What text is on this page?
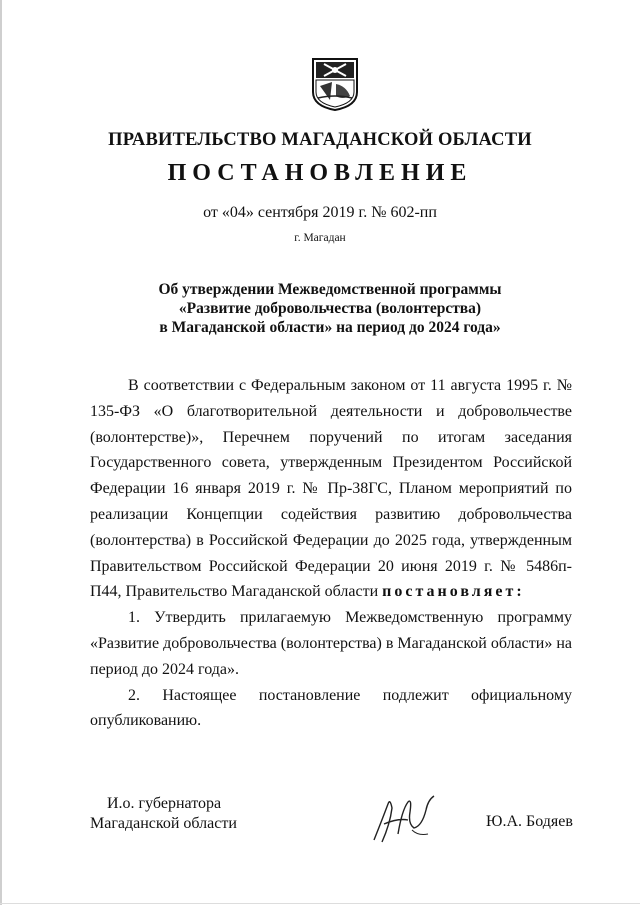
ПРАВИТЕЛЬСТВО МАГАДАНСКОЙ ОБЛАСТИ
ПОСТАНОВЛЕНИЕ
от «04» сентября 2019 г. № 602-пп
г. Магадан
Об утверждении Межведомственной программы
«Развитие добровольчества (волонтерства)
в Магаданской области» на период до 2024 года»

В соответствии с Федеральным законом от 11 августа 1995 г. № 135-ФЗ «О благотворительной деятельности и добровольчестве (волонтерстве)», Перечнем поручений по итогам заседания Государственного совета, утвержденным Президентом Российской Федерации 16 января 2019 г. № Пр-38ГС, Планом мероприятий по реализации Концепции содействия развитию добровольчества (волонтерства) в Российской Федерации до 2025 года, утвержденным Правительством Российской Федерации 20 июня 2019 г. № 5486п-П44, Правительство Магаданской области постановляет:

1. Утвердить прилагаемую Межведомственную программу «Развитие добровольчества (волонтерства) в Магаданской области» на период до 2024 года».

2. Настоящее постановление подлежит официальному опубликованию.

И.о. губернатора
Магаданской области	Ю.А. Бодяев
